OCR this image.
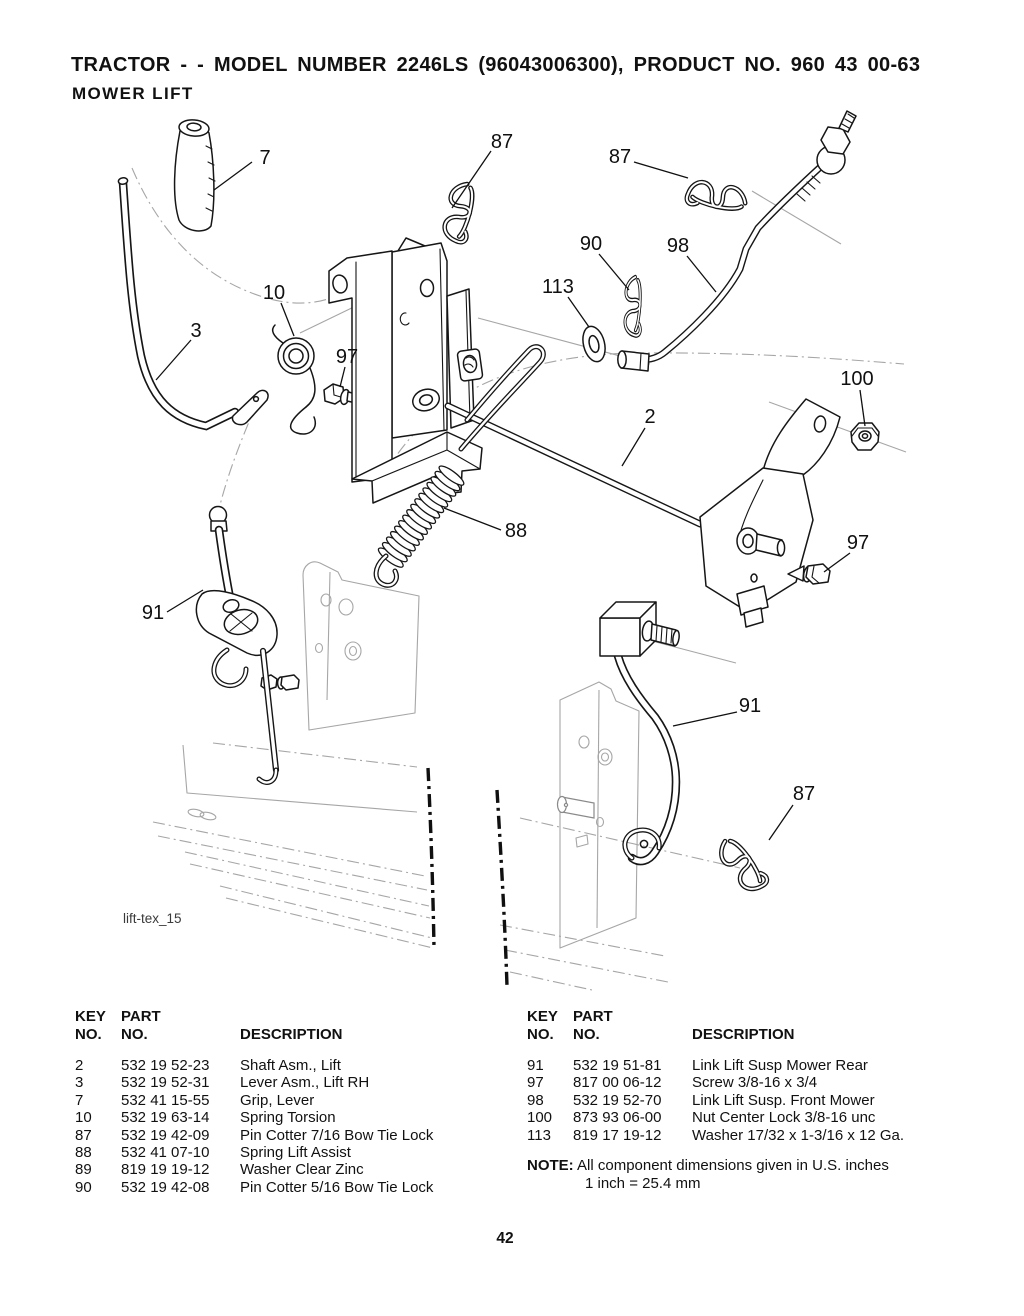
TRACTOR - - MODEL NUMBER 2246LS (96043006300), PRODUCT NO. 960 43 00-63
MOWER LIFT
7
3
10
97
87
87
90	98
113
2
100
88
97
91
91
87
lift-tex_15
KEY	PART
NO.	NO.	DESCRIPTION
2	532 19 52-23	Shaft Asm., Lift
3	532 19 52-31	Lever Asm., Lift RH
7	532 41 15-55	Grip, Lever
10	532 19 63-14	Spring Torsion
87	532 19 42-09	Pin Cotter 7/16 Bow Tie Lock
88	532 41 07-10	Spring Lift Assist
89	819 19 19-12	Washer Clear Zinc
90	532 19 42-08	Pin Cotter 5/16 Bow Tie Lock
KEY	PART
NO.	NO.	DESCRIPTION
91	532 19 51-81	Link Lift Susp Mower Rear
97	817 00 06-12	Screw 3/8-16 x 3/4
98	532 19 52-70	Link Lift Susp. Front Mower
100	873 93 06-00	Nut Center Lock 3/8-16 unc
113	819 17 19-12	Washer 17/32 x 1-3/16 x 12 Ga.
NOTE: All component dimensions given in U.S. inches
1 inch = 25.4 mm
42
